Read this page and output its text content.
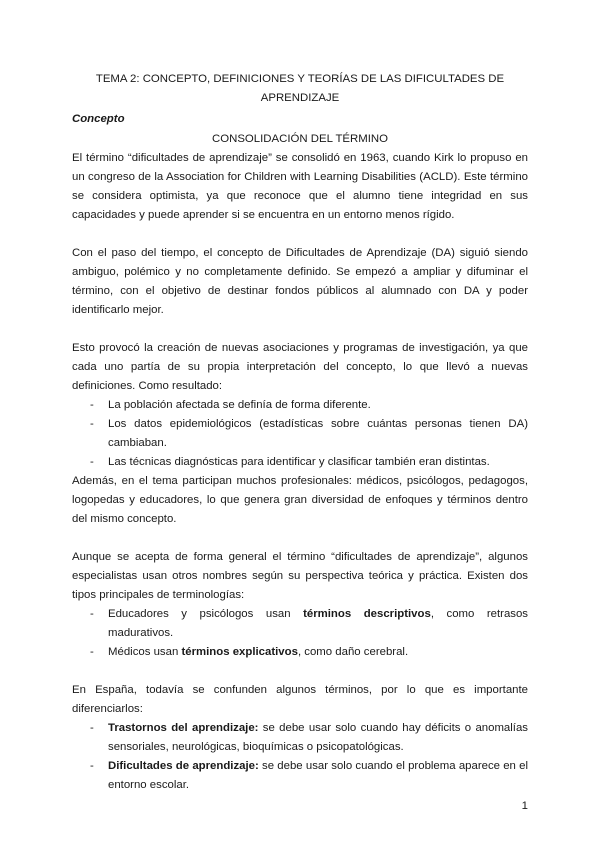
TEMA 2: CONCEPTO, DEFINICIONES Y TEORÍAS DE LAS DIFICULTADES DE
APRENDIZAJE

Concepto

CONSOLIDACIÓN DEL TÉRMINO

El término “dificultades de aprendizaje” se consolidó en 1963, cuando Kirk lo propuso en un congreso de la Association for Children with Learning Disabilities (ACLD). Este término se considera optimista, ya que reconoce que el alumno tiene integridad en sus capacidades y puede aprender si se encuentra en un entorno menos rígido.

Con el paso del tiempo, el concepto de Dificultades de Aprendizaje (DA) siguió siendo ambiguo, polémico y no completamente definido. Se empezó a ampliar y difuminar el término, con el objetivo de destinar fondos públicos al alumnado con DA y poder identificarlo mejor.

Esto provocó la creación de nuevas asociaciones y programas de investigación, ya que cada uno partía de su propia interpretación del concepto, lo que llevó a nuevas definiciones. Como resultado:

- La población afectada se definía de forma diferente.
- Los datos epidemiológicos (estadísticas sobre cuántas personas tienen DA) cambiaban.
- Las técnicas diagnósticas para identificar y clasificar también eran distintas.

Además, en el tema participan muchos profesionales: médicos, psicólogos, pedagogos, logopedas y educadores, lo que genera gran diversidad de enfoques y términos dentro del mismo concepto.

Aunque se acepta de forma general el término “dificultades de aprendizaje”, algunos especialistas usan otros nombres según su perspectiva teórica y práctica. Existen dos tipos principales de terminologías:

- Educadores y psicólogos usan términos descriptivos, como retrasos madurativos.
- Médicos usan términos explicativos, como daño cerebral.

En España, todavía se confunden algunos términos, por lo que es importante diferenciarlos:

- Trastornos del aprendizaje: se debe usar solo cuando hay déficits o anomalías sensoriales, neurológicas, bioquímicas o psicopatológicas.
- Dificultades de aprendizaje: se debe usar solo cuando el problema aparece en el entorno escolar.
1
